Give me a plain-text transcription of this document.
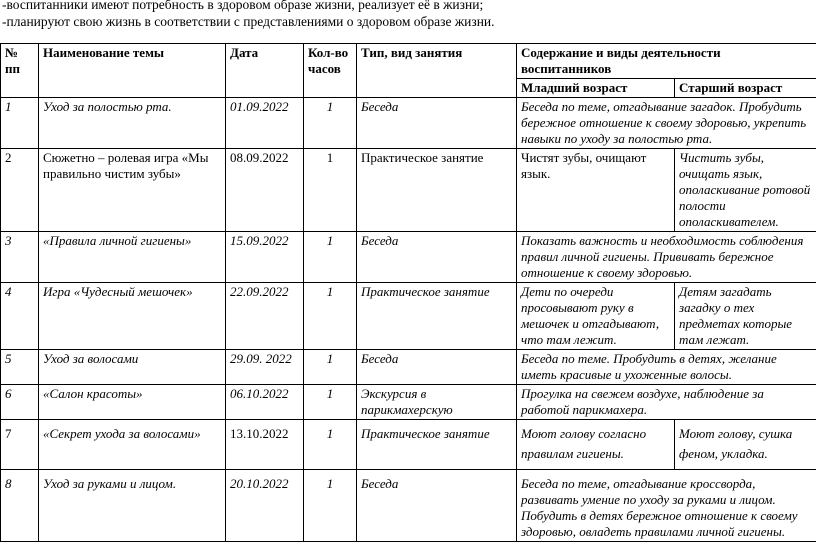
-воспитанники имеют потребность в здоровом образе жизни, реализует её в жизни;
-планируют свою жизнь в соответствии с представлениями о здоровом образе жизни.
№ пп	Наименование темы	Дата	Кол-во часов	Тип, вид занятия	Содержание и виды деятельности воспитанников	
					Младший возраст	Старший возраст
1	Уход за полостью рта.	01.09.2022	1	Беседа	Беседа по теме, отгадывание загадок. Пробудить бережное отношение к своему здоровью, укрепить навыки по уходу за полостью рта.	
2	Сюжетно – ролевая игра «Мы правильно чистим зубы»	08.09.2022	1	Практическое занятие	Чистят зубы, очищают язык.	Чистить зубы, очищать язык, ополаскивание ротовой полости ополаскивателем.
3	«Правила личной гигиены»	15.09.2022	1	Беседа	Показать важность и необходимость соблюдения правил личной гигиены. Прививать бережное отношение к своему здоровью.	
4	Игра «Чудесный мешочек»	22.09.2022	1	Практическое занятие	Дети по очереди просовывают руку в мешочек и отгадывают, что там лежит.	Детям загадать загадку о тех предметах которые там лежат.
5	Уход за волосами	29.09. 2022	1	Беседа	Беседа по теме. Пробудить в детях, желание иметь красивые и ухоженные волосы.	
6	«Салон красоты»	06.10.2022	1	Экскурсия в парикмахерскую	Прогулка на свежем воздухе, наблюдение за работой парикмахера.	
7	«Секрет ухода за волосами»	13.10.2022	1	Практическое занятие	Моют голову согласно правилам гигиены.	Моют голову, сушка феном, укладка.
8	Уход за руками и лицом.	20.10.2022	1	Беседа	Беседа по теме, отгадывание кроссворда, развивать умение по уходу за руками и лицом. Побудить в детях бережное отношение к своему здоровью, овладеть правилами личной гигиены.	
